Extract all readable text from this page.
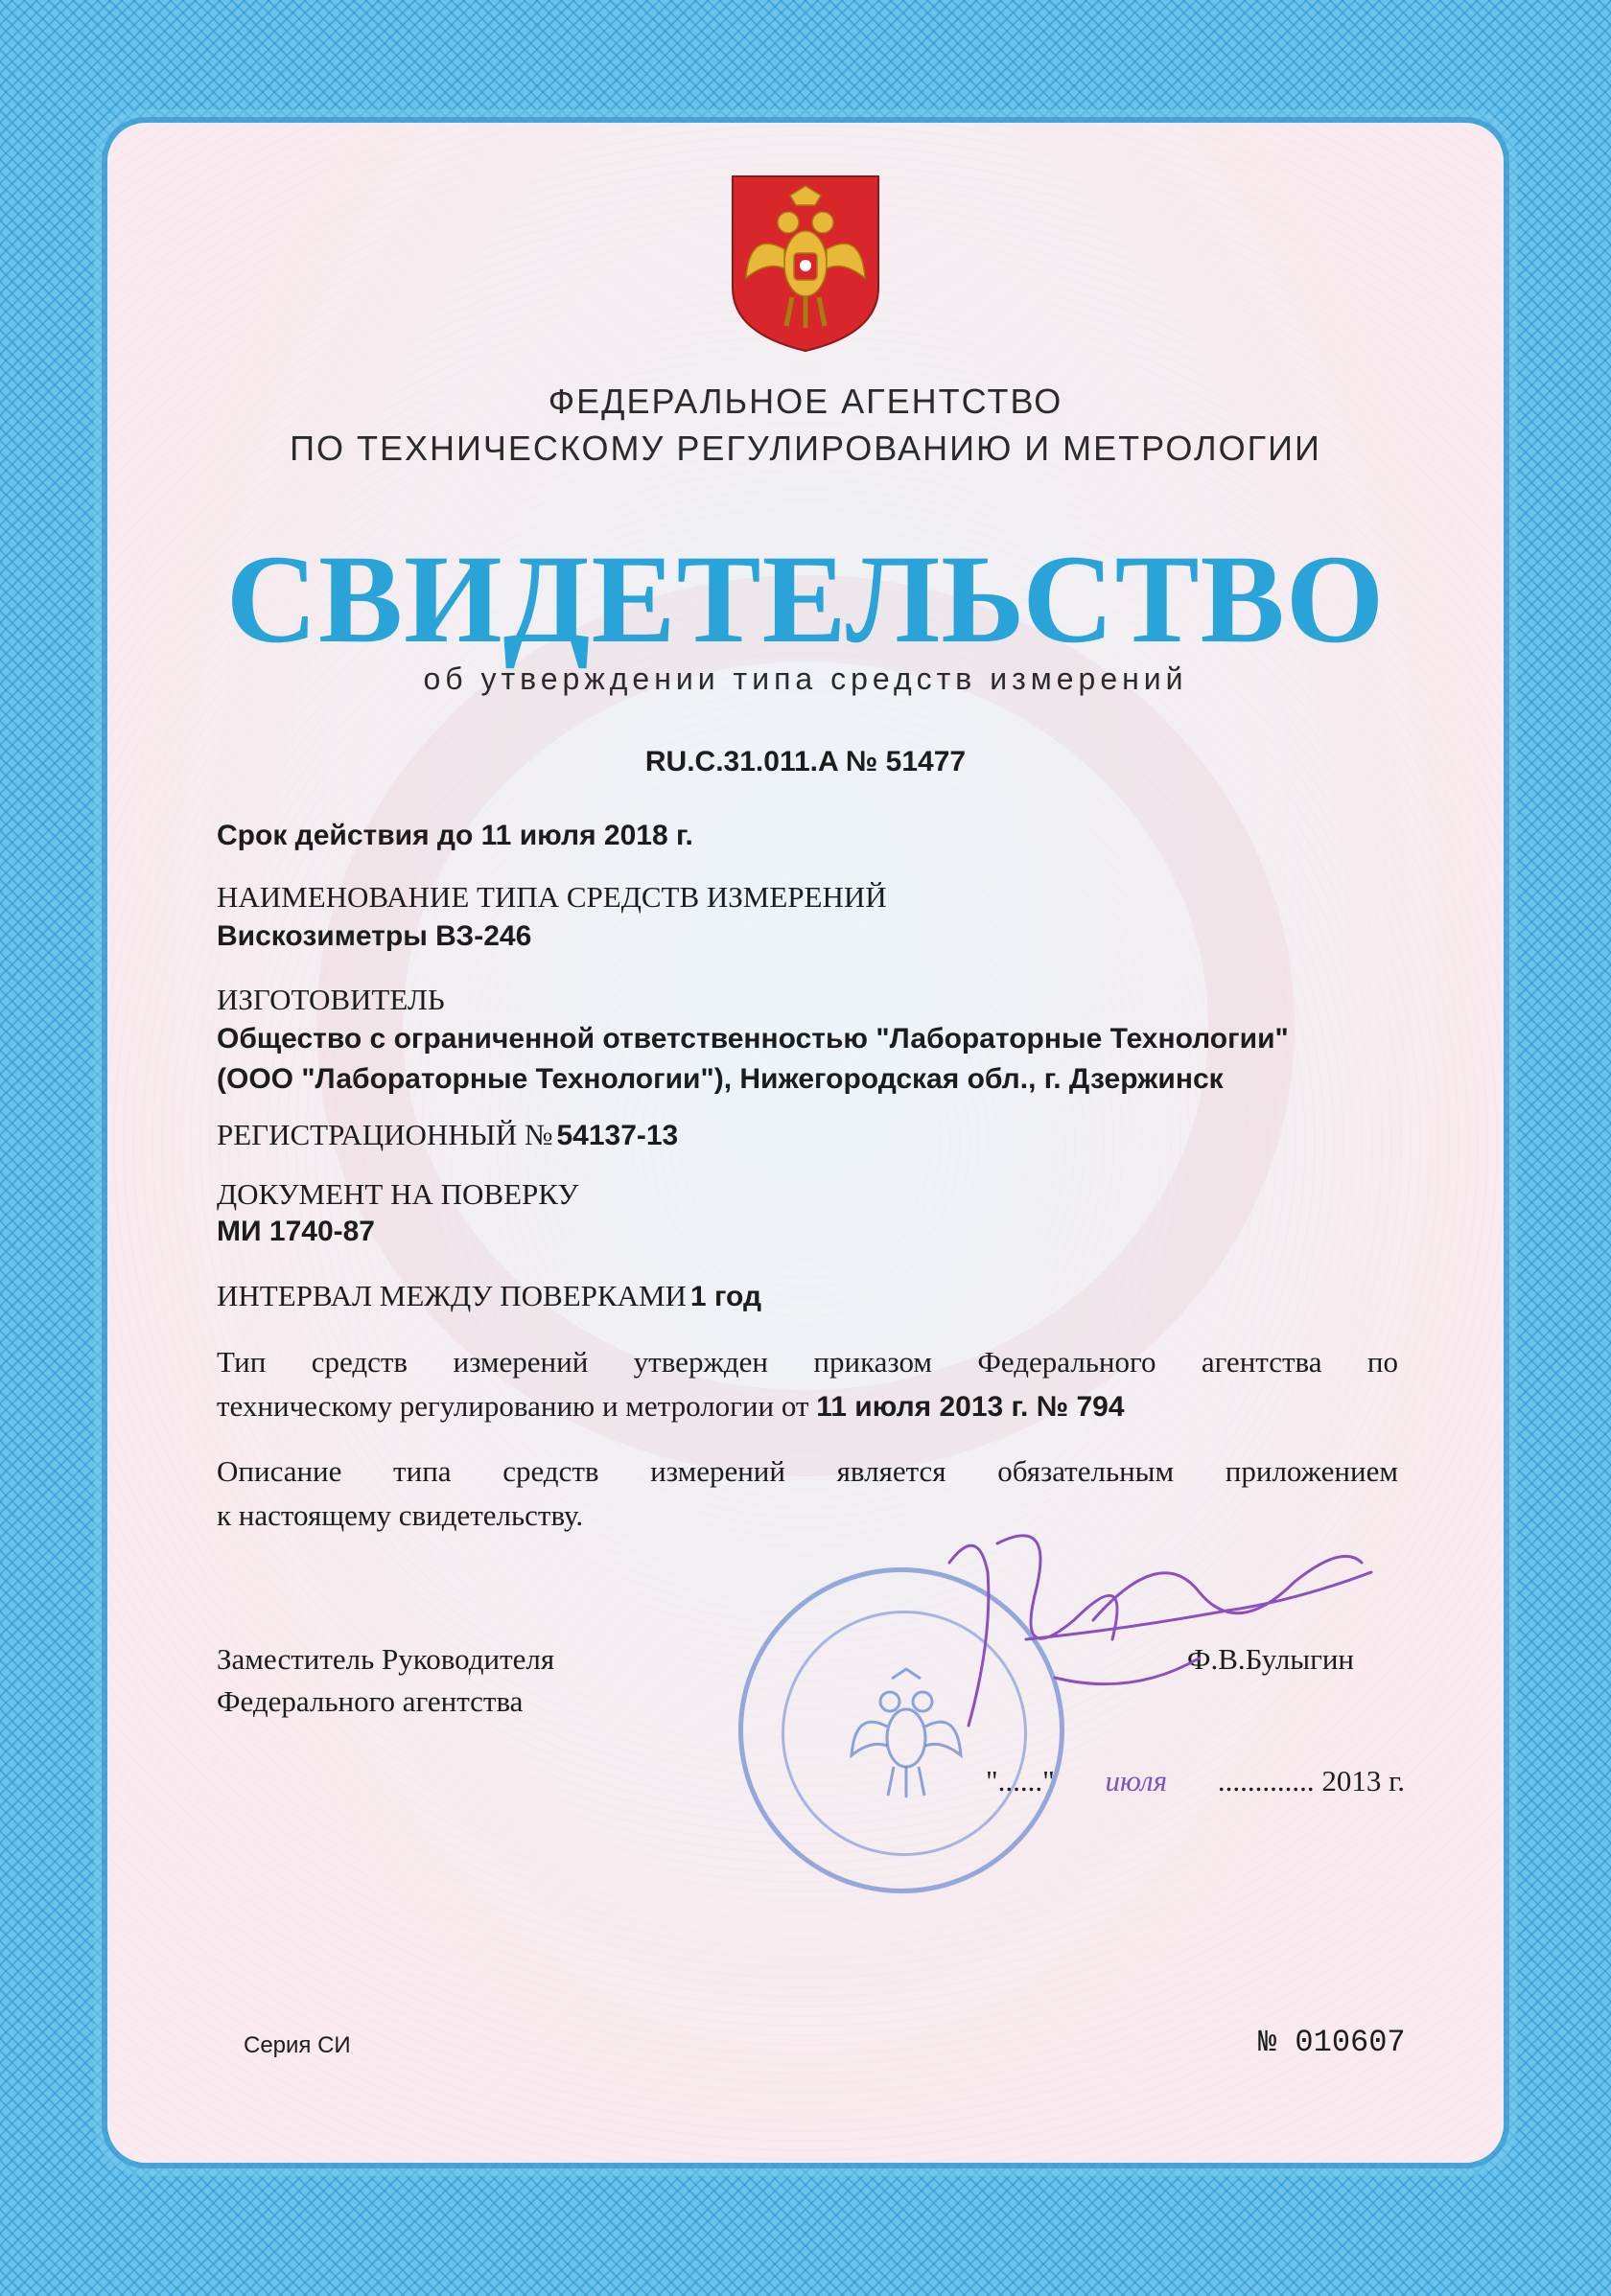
ФЕДЕРАЛЬНОЕ АГЕНТСТВО

ПО ТЕХНИЧЕСКОМУ РЕГУЛИРОВАНИЮ И МЕТРОЛОГИИ

СВИДЕТЕЛЬСТВО

об утверждении типа средств измерений

RU.C.31.011.A № 51477

Срок действия до 11 июля 2018 г.

НАИМЕНОВАНИЕ ТИПА СРЕДСТВ ИЗМЕРЕНИЙ

Вискозиметры ВЗ-246

ИЗГОТОВИТЕЛЬ

Общество с ограниченной ответственностью "Лабораторные Технологии"

(ООО "Лабораторные Технологии"), Нижегородская обл., г. Дзержинск

РЕГИСТРАЦИОННЫЙ № 54137-13

ДОКУМЕНТ НА ПОВЕРКУ

МИ 1740-87

ИНТЕРВАЛ МЕЖДУ ПОВЕРКАМИ 1 год

Тип средств измерений утвержден приказом Федерального агентства по
техническому регулированию и метрологии от 11 июля 2013 г. № 794
Описание типа средств измерений является обязательным приложением
к настоящему свидетельству.

Заместитель Руководителя

Федерального агентства

Ф.В.Булыгин

"......" июля ............. 2013 г.

Серия СИ	№ 010607
